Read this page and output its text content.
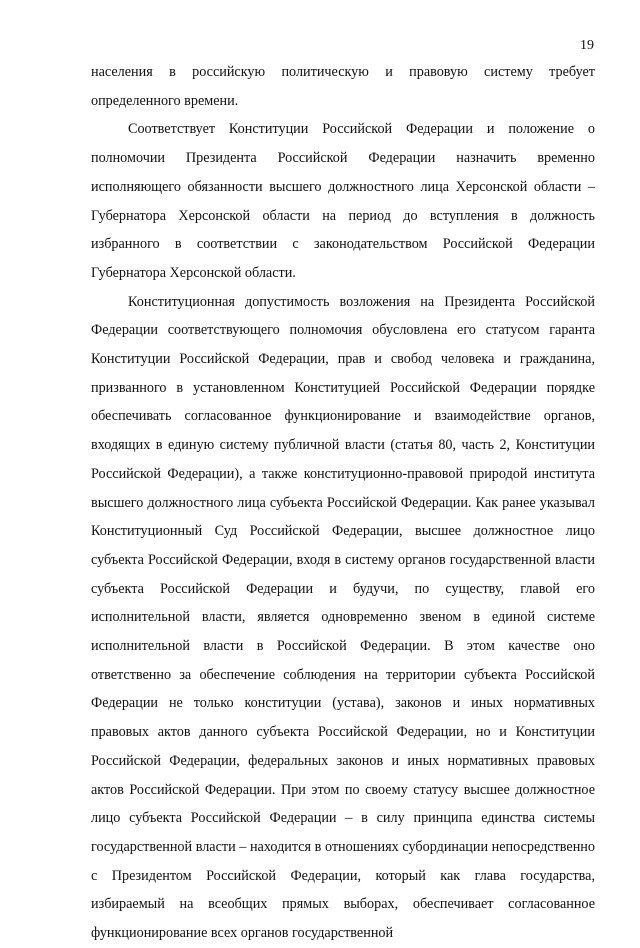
19

населения в российскую политическую и правовую систему требует определенного времени.

Соответствует Конституции Российской Федерации и положение о полномочии Президента Российской Федерации назначить временно исполняющего обязанности высшего должностного лица Херсонской области – Губернатора Херсонской области на период до вступления в должность избранного в соответствии с законодательством Российской Федерации Губернатора Херсонской области.

Конституционная допустимость возложения на Президента Российской Федерации соответствующего полномочия обусловлена его статусом гаранта Конституции Российской Федерации, прав и свобод человека и гражданина, призванного в установленном Конституцией Российской Федерации порядке обеспечивать согласованное функционирование и взаимодействие органов, входящих в единую систему публичной власти (статья 80, часть 2, Конституции Российской Федерации), а также конституционно-правовой природой института высшего должностного лица субъекта Российской Федерации. Как ранее указывал Конституционный Суд Российской Федерации, высшее должностное лицо субъекта Российской Федерации, входя в систему органов государственной власти субъекта Российской Федерации и будучи, по существу, главой его исполнительной власти, является одновременно звеном в единой системе исполнительной власти в Российской Федерации. В этом качестве оно ответственно за обеспечение соблюдения на территории субъекта Российской Федерации не только конституции (устава), законов и иных нормативных правовых актов данного субъекта Российской Федерации, но и Конституции Российской Федерации, федеральных законов и иных нормативных правовых актов Российской Федерации. При этом по своему статусу высшее должностное лицо субъекта Российской Федерации – в силу принципа единства системы государственной власти – находится в отношениях субординации непосредственно с Президентом Российской Федерации, который как глава государства, избираемый на всеобщих прямых выборах, обеспечивает согласованное функционирование всех органов государственной
